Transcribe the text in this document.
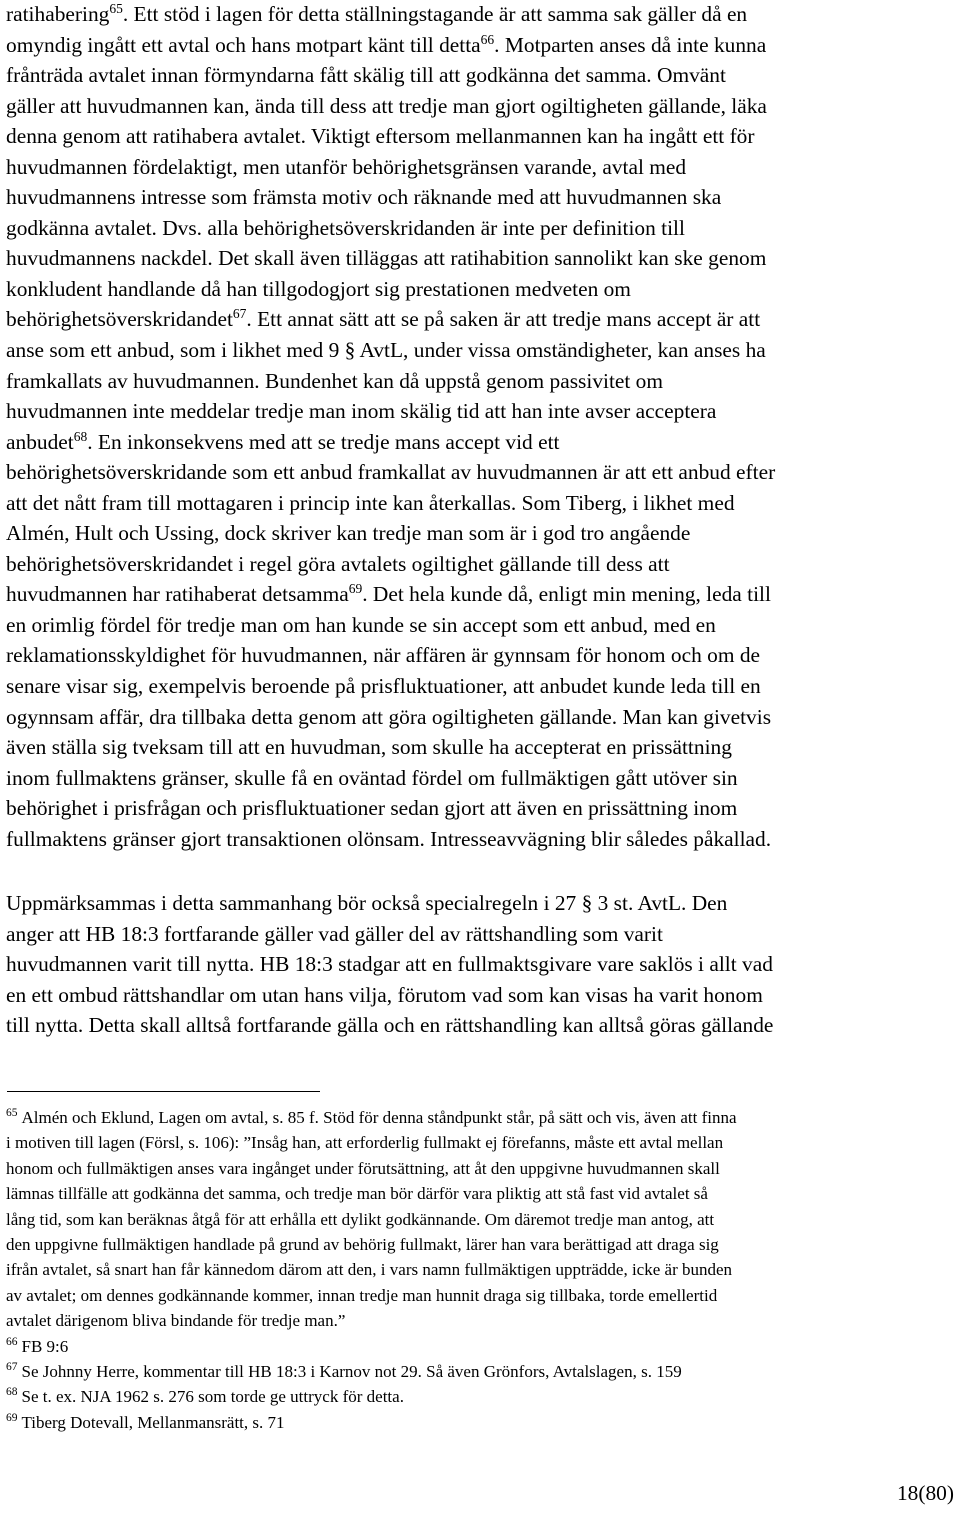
ratihabering$^{65}$. Ett stöd i lagen för detta ställningstagande är att samma sak gäller då en

omyndig ingått ett avtal och hans motpart känt till detta$^{66}$. Motparten anses då inte kunna

frånträda avtalet innan förmyndarna fått skälig till att godkänna det samma. Omvänt

gäller att huvudmannen kan, ända till dess att tredje man gjort ogiltigheten gällande, läka

denna genom att ratihabera avtalet. Viktigt eftersom mellanmannen kan ha ingått ett för

huvudmannen fördelaktigt, men utanför behörighetsgränsen varande, avtal med

huvudmannens intresse som främsta motiv och räknande med att huvudmannen ska

godkänna avtalet. Dvs. alla behörighetsöverskridanden är inte per definition till

huvudmannens nackdel. Det skall även tilläggas att ratihabition sannolikt kan ske genom

konkludent handlande då han tillgodogjort sig prestationen medveten om

behörighetsöverskridandet$^{67}$. Ett annat sätt att se på saken är att tredje mans accept är att

anse som ett anbud, som i likhet med 9 § AvtL, under vissa omständigheter, kan anses ha

framkallats av huvudmannen. Bundenhet kan då uppstå genom passivitet om

huvudmannen inte meddelar tredje man inom skälig tid att han inte avser acceptera

anbudet$^{68}$. En inkonsekvens med att se tredje mans accept vid ett

behörighetsöverskridande som ett anbud framkallat av huvudmannen är att ett anbud efter

att det nått fram till mottagaren i princip inte kan återkallas. Som Tiberg, i likhet med

Almén, Hult och Ussing, dock skriver kan tredje man som är i god tro angående

behörighetsöverskridandet i regel göra avtalets ogiltighet gällande till dess att

huvudmannen har ratihaberat detsamma$^{69}$. Det hela kunde då, enligt min mening, leda till

en orimlig fördel för tredje man om han kunde se sin accept som ett anbud, med en

reklamationsskyldighet för huvudmannen, när affären är gynnsam för honom och om de

senare visar sig, exempelvis beroende på prisfluktuationer, att anbudet kunde leda till en

ogynnsam affär, dra tillbaka detta genom att göra ogiltigheten gällande. Man kan givetvis

även ställa sig tveksam till att en huvudman, som skulle ha accepterat en prissättning

inom fullmaktens gränser, skulle få en oväntad fördel om fullmäktigen gått utöver sin

behörighet i prisfrågan och prisfluktuationer sedan gjort att även en prissättning inom

fullmaktens gränser gjort transaktionen olönsam. Intresseavvägning blir således påkallad.

Uppmärksammas i detta sammanhang bör också specialregeln i 27 § 3 st. AvtL. Den

anger att HB 18:3 fortfarande gäller vad gäller del av rättshandling som varit

huvudmannen varit till nytta. HB 18:3 stadgar att en fullmaktsgivare vare saklös i allt vad

en ett ombud rättshandlar om utan hans vilja, förutom vad som kan visas ha varit honom

till nytta. Detta skall alltså fortfarande gälla och en rättshandling kan alltså göras gällande

$^{65}$ Almén och Eklund, Lagen om avtal, s. 85 f. Stöd för denna ståndpunkt står, på sätt och vis, även att finna

i motiven till lagen (Försl, s. 106): ”Insåg han, att erforderlig fullmakt ej förefanns, måste ett avtal mellan

honom och fullmäktigen anses vara ingånget under förutsättning, att åt den uppgivne huvudmannen skall

lämnas tillfälle att godkänna det samma, och tredje man bör därför vara pliktig att stå fast vid avtalet så

lång tid, som kan beräknas åtgå för att erhålla ett dylikt godkännande. Om däremot tredje man antog, att

den uppgivne fullmäktigen handlade på grund av behörig fullmakt, lärer han vara berättigad att draga sig

ifrån avtalet, så snart han får kännedom därom att den, i vars namn fullmäktigen uppträdde, icke är bunden

av avtalet; om dennes godkännande kommer, innan tredje man hunnit draga sig tillbaka, torde emellertid

avtalet därigenom bliva bindande för tredje man.”

$^{66}$ FB 9:6

$^{67}$ Se Johnny Herre, kommentar till HB 18:3 i Karnov not 29. Så även Grönfors, Avtalslagen, s. 159

$^{68}$ Se t. ex. NJA 1962 s. 276 som torde ge uttryck för detta.

$^{69}$ Tiberg Dotevall, Mellanmansrätt, s. 71

18(80)
